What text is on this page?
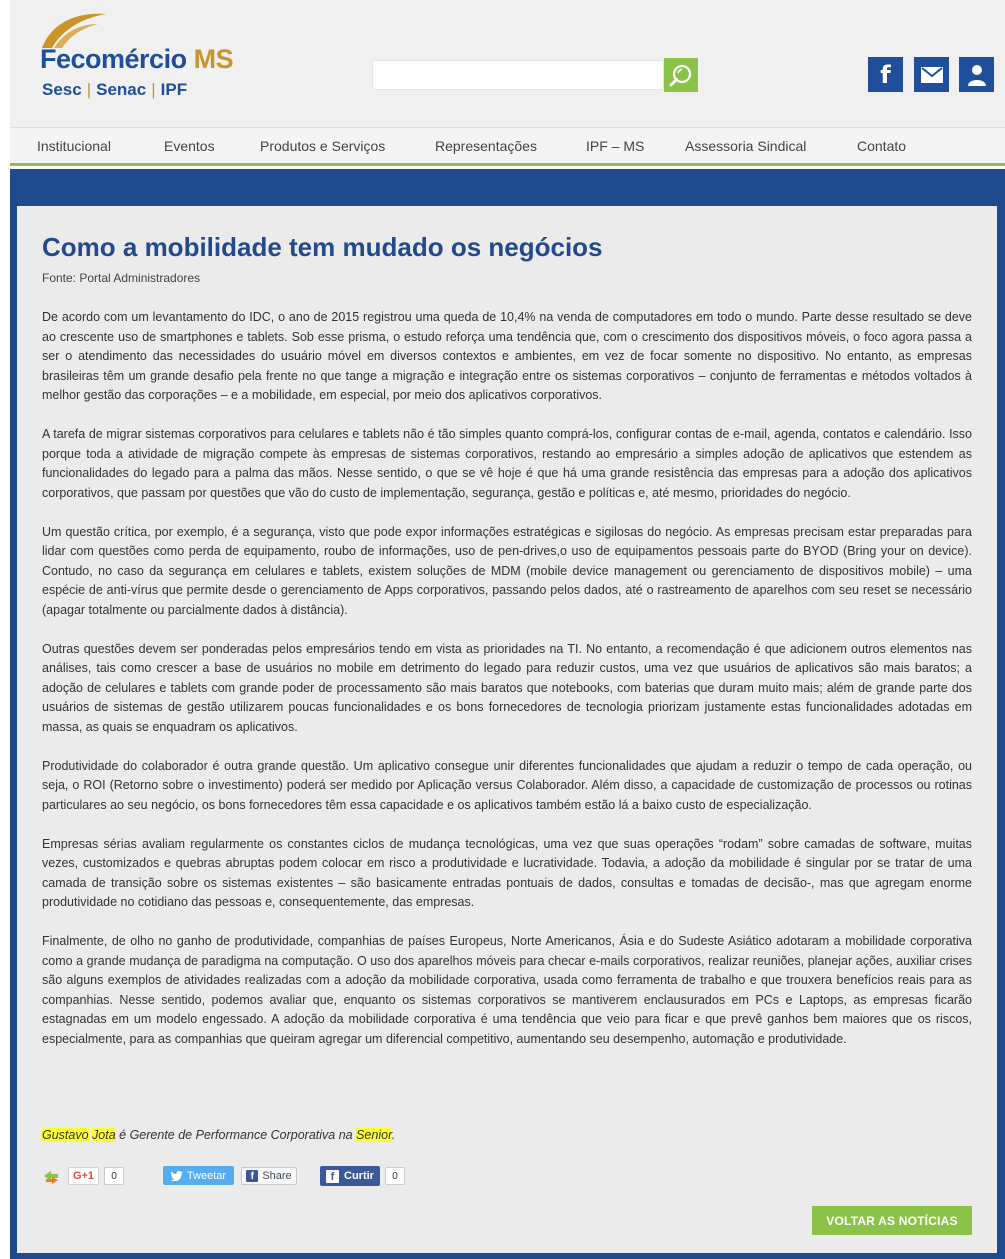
Fecomércio MS
Sesc | Senac | IPF
f
Institucional	Eventos	Produtos e Serviços	Representações	IPF – MS	Assessoria Sindical	Contato
Como a mobilidade tem mudado os negócios
Fonte: Portal Administradores

De acordo com um levantamento do IDC, o ano de 2015 registrou uma queda de 10,4% na venda de computadores em todo o mundo. Parte desse resultado se deve ao crescente uso de smartphones e tablets. Sob esse prisma, o estudo reforça uma tendência que, com o crescimento dos dispositivos móveis, o foco agora passa a ser o atendimento das necessidades do usuário móvel em diversos contextos e ambientes, em vez de focar somente no dispositivo. No entanto, as empresas brasileiras têm um grande desafio pela frente no que tange a migração e integração entre os sistemas corporativos – conjunto de ferramentas e métodos voltados à melhor gestão das corporações – e a mobilidade, em especial, por meio dos aplicativos corporativos.

A tarefa de migrar sistemas corporativos para celulares e tablets não é tão simples quanto comprá-los, configurar contas de e-mail, agenda, contatos e calendário. Isso porque toda a atividade de migração compete às empresas de sistemas corporativos, restando ao empresário a simples adoção de aplicativos que estendem as funcionalidades do legado para a palma das mãos. Nesse sentido, o que se vê hoje é que há uma grande resistência das empresas para a adoção dos aplicativos corporativos, que passam por questões que vão do custo de implementação, segurança, gestão e políticas e, até mesmo, prioridades do negócio.

Um questão crítica, por exemplo, é a segurança, visto que pode expor informações estratégicas e sigilosas do negócio. As empresas precisam estar preparadas para lidar com questões como perda de equipamento, roubo de informações, uso de pen-drives,o uso de equipamentos pessoais parte do BYOD (Bring your on device). Contudo, no caso da segurança em celulares e tablets, existem soluções de MDM (mobile device management ou gerenciamento de dispositivos mobile) – uma espécie de anti-vírus que permite desde o gerenciamento de Apps corporativos, passando pelos dados, até o rastreamento de aparelhos com seu reset se necessário (apagar totalmente ou parcialmente dados à distância).

Outras questões devem ser ponderadas pelos empresários tendo em vista as prioridades na TI. No entanto, a recomendação é que adicionem outros elementos nas análises, tais como crescer a base de usuários no mobile em detrimento do legado para reduzir custos, uma vez que usuários de aplicativos são mais baratos; a adoção de celulares e tablets com grande poder de processamento são mais baratos que notebooks, com baterias que duram muito mais; além de grande parte dos usuários de sistemas de gestão utilizarem poucas funcionalidades e os bons fornecedores de tecnologia priorizam justamente estas funcionalidades adotadas em massa, as quais se enquadram os aplicativos.

Produtividade do colaborador é outra grande questão. Um aplicativo consegue unir diferentes funcionalidades que ajudam a reduzir o tempo de cada operação, ou seja, o ROI (Retorno sobre o investimento) poderá ser medido por Aplicação versus Colaborador. Além disso, a capacidade de customização de processos ou rotinas particulares ao seu negócio, os bons fornecedores têm essa capacidade e os aplicativos também estão lá a baixo custo de especialização.

Empresas sérias avaliam regularmente os constantes ciclos de mudança tecnológicas, uma vez que suas operações “rodam” sobre camadas de software, muitas vezes, customizados e quebras abruptas podem colocar em risco a produtividade e lucratividade. Todavia, a adoção da mobilidade é singular por se tratar de uma camada de transição sobre os sistemas existentes – são basicamente entradas pontuais de dados, consultas e tomadas de decisão-, mas que agregam enorme produtividade no cotidiano das pessoas e, consequentemente, das empresas.

Finalmente, de olho no ganho de produtividade, companhias de países Europeus, Norte Americanos, Ásia e do Sudeste Asiático adotaram a mobilidade corporativa como a grande mudança de paradigma na computação. O uso dos aparelhos móveis para checar e-mails corporativos, realizar reuniões, planejar ações, auxiliar crises são alguns exemplos de atividades realizadas com a adoção da mobilidade corporativa, usada como ferramenta de trabalho e que trouxera benefícios reais para as companhias. Nesse sentido, podemos avaliar que, enquanto os sistemas corporativos se mantiverem enclausurados em PCs e Laptops, as empresas ficarão estagnadas em um modelo engessado. A adoção da mobilidade corporativa é uma tendência que veio para ficar e que prevê ganhos bem maiores que os riscos, especialmente, para as companhias que queiram agregar um diferencial competitivo, aumentando seu desempenho, automação e produtividade.

Gustavo Jota é Gerente de Performance Corporativa na Senior.
G+1	0	Tweetar	f Share	f Curtir	0
VOLTAR AS NOTÍCIAS
